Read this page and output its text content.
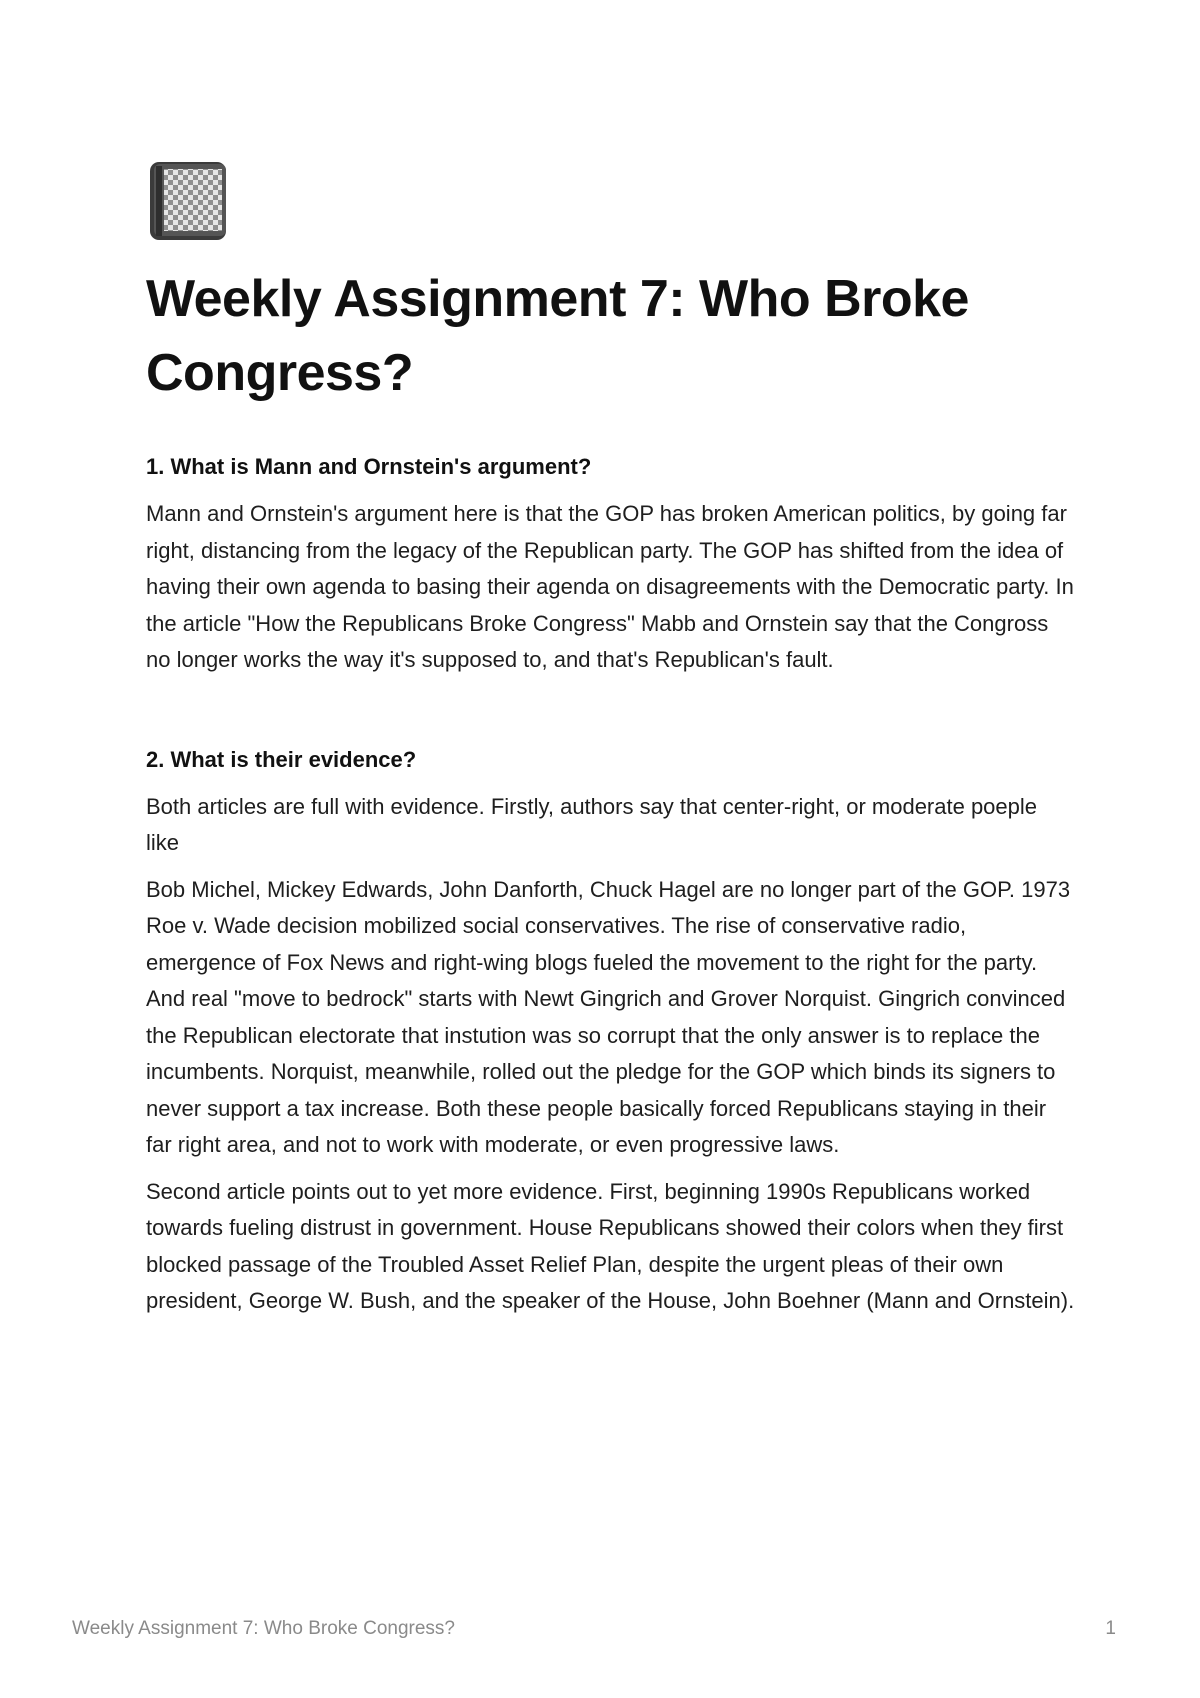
Weekly Assignment 7: Who Broke Congress?
1. What is Mann and Ornstein's argument?

Mann and Ornstein's argument here is that the GOP has broken American politics, by going far right, distancing from the legacy of the Republican party. The GOP has shifted from the idea of having their own agenda to basing their agenda on disagreements with the Democratic party. In the article "How the Republicans Broke Congress" Mabb and Ornstein say that the Congross no longer works the way it's supposed to, and that's Republican's fault.

2. What is their evidence?

Both articles are full with evidence. Firstly, authors say that center-right, or moderate poeple like

Bob Michel, Mickey Edwards, John Danforth, Chuck Hagel are no longer part of the GOP. 1973 Roe v. Wade decision mobilized social conservatives. The rise of conservative radio, emergence of Fox News and right-wing blogs fueled the movement to the right for the party. And real "move to bedrock" starts with Newt Gingrich and Grover Norquist. Gingrich convinced the Republican electorate that instution was so corrupt that the only answer is to replace the incumbents. Norquist, meanwhile, rolled out the pledge for the GOP which binds its signers to never support a tax increase. Both these people basically forced Republicans staying in their far right area, and not to work with moderate, or even progressive laws.

Second article points out to yet more evidence. First, beginning 1990s Republicans worked towards fueling distrust in government. House Republicans showed their colors when they first
blocked passage of the Troubled Asset Relief Plan, despite the urgent pleas of their own president, George W. Bush, and the speaker of the House, John Boehner (Mann and Ornstein).

Weekly Assignment 7: Who Broke Congress?	1
